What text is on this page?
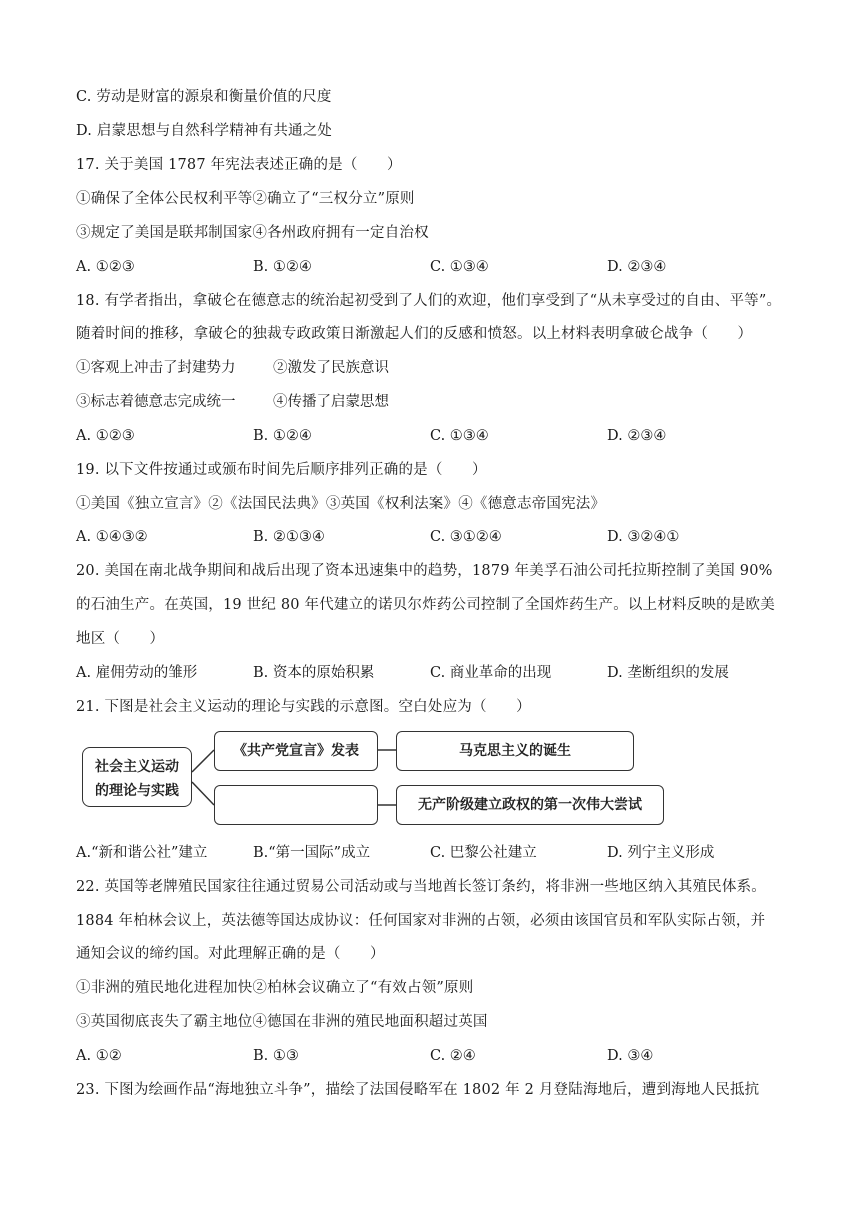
C. 劳动是财富的源泉和衡量价值的尺度
D. 启蒙思想与自然科学精神有共通之处
17. 关于美国 1787 年宪法表述正确的是（　　）
①确保了全体公民权利平等②确立了“三权分立”原则
③规定了美国是联邦制国家④各州政府拥有一定自治权
A. ①②③	B. ①②④	C. ①③④	D. ②③④
18. 有学者指出，拿破仑在德意志的统治起初受到了人们的欢迎，他们享受到了“从未享受过的自由、平等”。
随着时间的推移，拿破仑的独裁专政政策日渐激起人们的反感和愤怒。以上材料表明拿破仑战争（　　）
①客观上冲击了封建势力	②激发了民族意识
③标志着德意志完成统一	④传播了启蒙思想
A. ①②③	B. ①②④	C. ①③④	D. ②③④
19. 以下文件按通过或颁布时间先后顺序排列正确的是（　　）
①美国《独立宣言》②《法国民法典》③英国《权利法案》④《德意志帝国宪法》
A. ①④③②	B. ②①③④	C. ③①②④	D. ③②④①
20. 美国在南北战争期间和战后出现了资本迅速集中的趋势，1879 年美孚石油公司托拉斯控制了美国 90%
的石油生产。在英国，19 世纪 80 年代建立的诺贝尔炸药公司控制了全国炸药生产。以上材料反映的是欧美
地区（　　）
A. 雇佣劳动的雏形	B. 资本的原始积累	C. 商业革命的出现	D. 垄断组织的发展
21. 下图是社会主义运动的理论与实践的示意图。空白处应为（　　）
社会主义运动
的理论与实践
《共产党宣言》发表	马克思主义的诞生
无产阶级建立政权的第一次伟大尝试
A.“新和谐公社”建立	B.“第一国际”成立	C. 巴黎公社建立	D. 列宁主义形成
22. 英国等老牌殖民国家往往通过贸易公司活动或与当地酋长签订条约，将非洲一些地区纳入其殖民体系。
1884 年柏林会议上，英法德等国达成协议：任何国家对非洲的占领，必须由该国官员和军队实际占领，并
通知会议的缔约国。对此理解正确的是（　　）
①非洲的殖民地化进程加快②柏林会议确立了“有效占领”原则
③英国彻底丧失了霸主地位④德国在非洲的殖民地面积超过英国
A. ①②	B. ①③	C. ②④	D. ③④
23. 下图为绘画作品“海地独立斗争”，描绘了法国侵略军在 1802 年 2 月登陆海地后，遭到海地人民抵抗
